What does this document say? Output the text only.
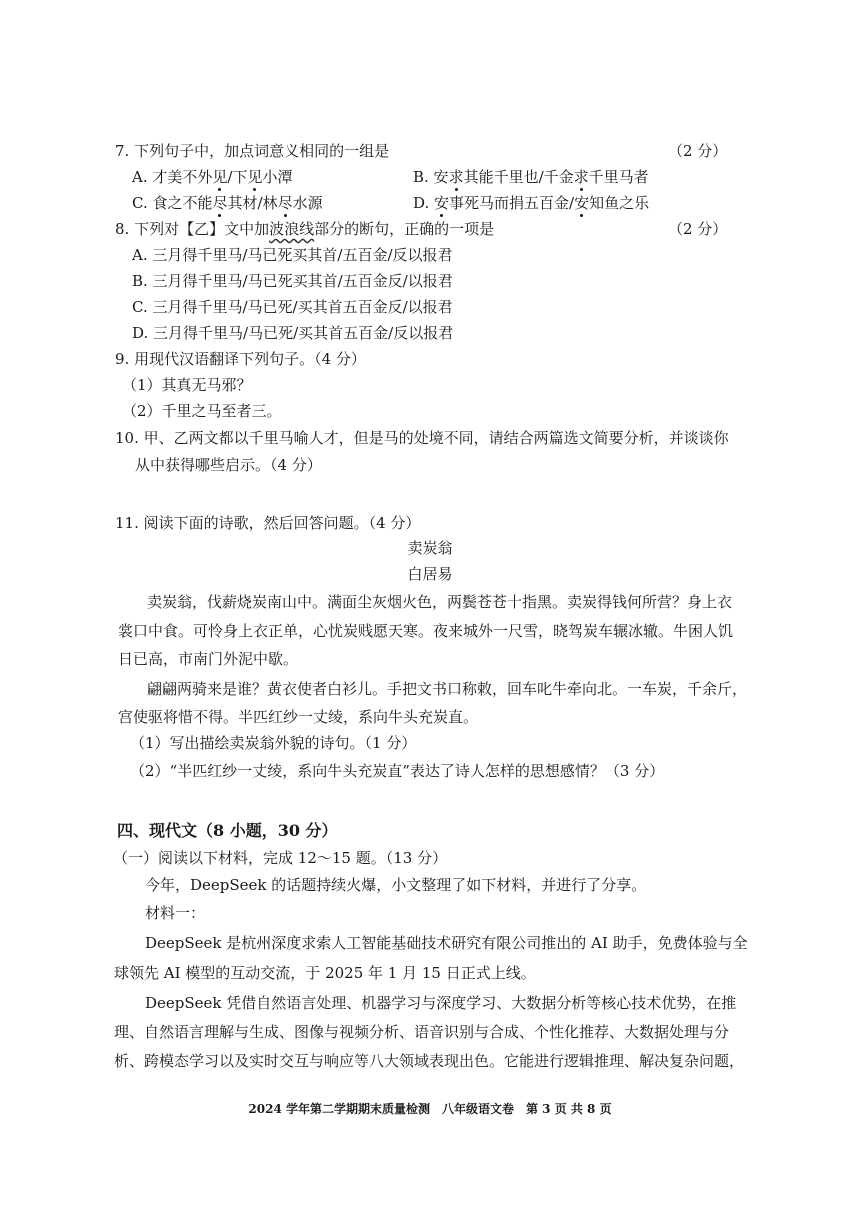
7. 下列句子中，加点词意义相同的一组是	（2 分）
A. 才美不外见/下见小潭	B. 安求其能千里也/千金求千里马者
C. 食之不能尽其材/林尽水源	D. 安事死马而捐五百金/安知鱼之乐
8. 下列对【乙】文中加波浪线部分的断句，正确的一项是	（2 分）
A. 三月得千里马/马已死买其首/五百金/反以报君
B. 三月得千里马/马已死买其首/五百金反/以报君
C. 三月得千里马/马已死/买其首五百金反/以报君
D. 三月得千里马/马已死/买其首五百金/反以报君
9. 用现代汉语翻译下列句子。（4 分）
（1）其真无马邪？
（2）千里之马至者三。
10. 甲、乙两文都以千里马喻人才，但是马的处境不同，请结合两篇选文简要分析，并谈谈你
从中获得哪些启示。（4 分）
11. 阅读下面的诗歌，然后回答问题。（4 分）
卖炭翁
白居易
卖炭翁，伐薪烧炭南山中。满面尘灰烟火色，两鬓苍苍十指黑。卖炭得钱何所营？身上衣
裳口中食。可怜身上衣正单，心忧炭贱愿天寒。夜来城外一尺雪，晓驾炭车辗冰辙。牛困人饥
日已高，市南门外泥中歇。
翩翩两骑来是谁？黄衣使者白衫儿。手把文书口称敕，回车叱牛牵向北。一车炭，千余斤，
宫使驱将惜不得。半匹红纱一丈绫，系向牛头充炭直。
（1）写出描绘卖炭翁外貌的诗句。（1 分）
（2）“半匹红纱一丈绫，系向牛头充炭直”表达了诗人怎样的思想感情？（3 分）
四、现代文（8 小题，30 分）
（一）阅读以下材料，完成 12～15 题。（13 分）
今年，DeepSeek 的话题持续火爆，小文整理了如下材料，并进行了分享。
材料一：
DeepSeek 是杭州深度求索人工智能基础技术研究有限公司推出的 AI 助手，免费体验与全
球领先 AI 模型的互动交流，于 2025 年 1 月 15 日正式上线。
DeepSeek 凭借自然语言处理、机器学习与深度学习、大数据分析等核心技术优势，在推
理、自然语言理解与生成、图像与视频分析、语音识别与合成、个性化推荐、大数据处理与分
析、跨模态学习以及实时交互与响应等八大领域表现出色。它能进行逻辑推理、解决复杂问题，
2024 学年第二学期期末质量检测　八年级语文卷　第 3 页 共 8 页
